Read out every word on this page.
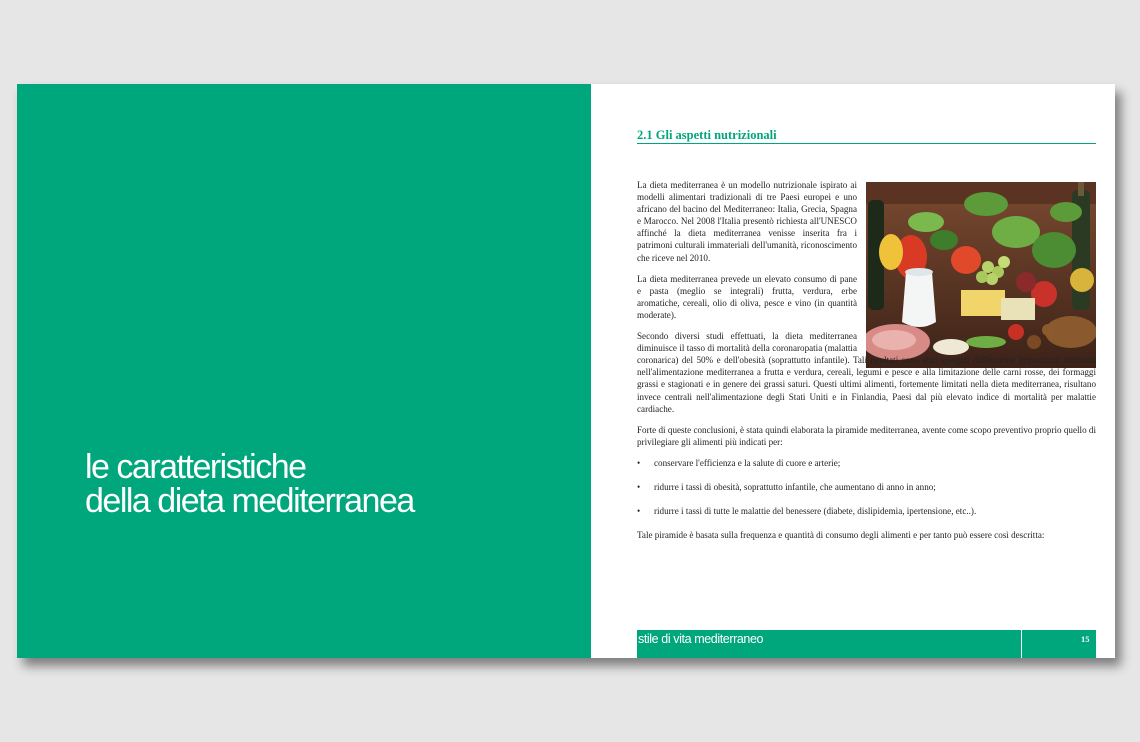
le caratteristiche
della dieta mediterranea
2.1 Gli aspetti nutrizionali

La dieta mediterranea è un modello nutrizionale ispirato ai modelli alimentari tradizionali di tre Paesi europei e uno africano del bacino del Mediterraneo: Italia, Grecia, Spagna e Marocco. Nel 2008 l'Italia presentò richiesta all'UNESCO affinché la dieta mediterranea venisse inserita fra i patrimoni culturali immateriali dell'umanità, riconoscimento che riceve nel 2010.

La dieta mediterranea prevede un elevato consumo di pane e pasta (meglio se integrali) frutta, verdura, erbe aromatiche, cereali, olio di oliva, pesce e vino (in quantità moderate).

Secondo diversi studi effettuati, la dieta mediterranea diminuisce il tasso di mortalità della coronaropatia (malattia coronarica) del 50% e dell'obesità (soprattutto infantile). Tali risultati sono stati spiegati dall'enorme importanza attribuita nell'alimentazione mediterranea a frutta e verdura, cereali, legumi e pesce e alla limitazione delle carni rosse, dei formaggi grassi e stagionati e in genere dei grassi saturi. Questi ultimi alimenti, fortemente limitati nella dieta mediterranea, risultano invece centrali nell'alimentazione degli Stati Uniti e in Finlandia, Paesi dal più elevato indice di mortalità per malattie cardiache.

Forte di queste conclusioni, è stata quindi elaborata la piramide mediterranea, avente come scopo preventivo proprio quello di privilegiare gli alimenti più indicati per:

• conservare l'efficienza e la salute di cuore e arterie;
• ridurre i tassi di obesità, soprattutto infantile, che aumentano di anno in anno;
• ridurre i tassi di tutte le malattie del benessere (diabete, dislipidemia, ipertensione, etc..).

Tale piramide è basata sulla frequenza e quantità di consumo degli alimenti e per tanto può essere così descritta:

stile di vita mediterraneo	15
